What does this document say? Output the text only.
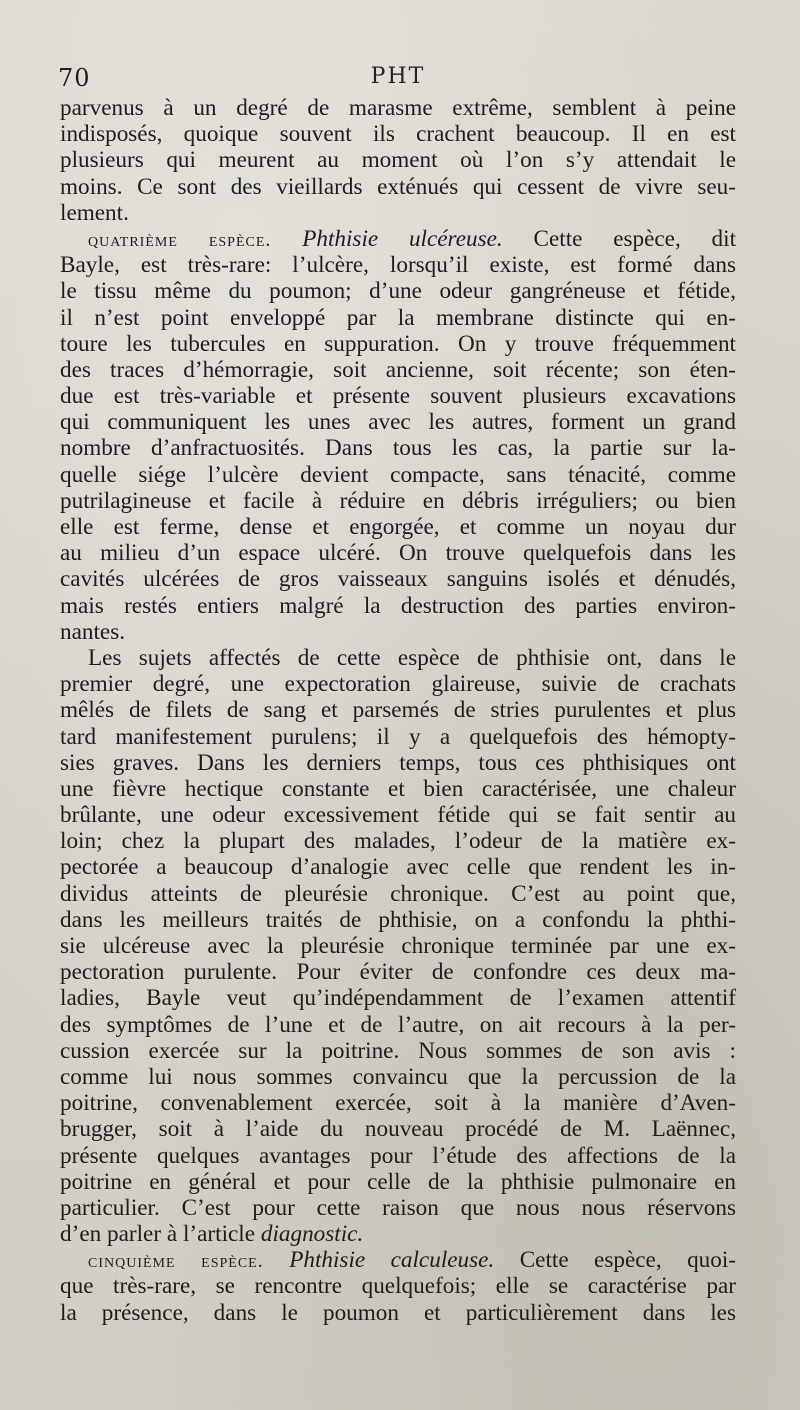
70	PHT
parvenus à un degré de marasme extrême, semblent à peine
indisposés, quoique souvent ils crachent beaucoup. Il en est
plusieurs qui meurent au moment où l’on s’y attendait le
moins. Ce sont des vieillards exténués qui cessent de vivre seu-
lement.
quatrième espèce. Phthisie ulcéreuse. Cette espèce, dit
Bayle, est très-rare: l’ulcère, lorsqu’il existe, est formé dans
le tissu même du poumon; d’une odeur gangréneuse et fétide,
il n’est point enveloppé par la membrane distincte qui en-
toure les tubercules en suppuration. On y trouve fréquemment
des traces d’hémorragie, soit ancienne, soit récente; son éten-
due est très-variable et présente souvent plusieurs excavations
qui communiquent les unes avec les autres, forment un grand
nombre d’anfractuosités. Dans tous les cas, la partie sur la-
quelle siége l’ulcère devient compacte, sans ténacité, comme
putrilagineuse et facile à réduire en débris irréguliers; ou bien
elle est ferme, dense et engorgée, et comme un noyau dur
au milieu d’un espace ulcéré. On trouve quelquefois dans les
cavités ulcérées de gros vaisseaux sanguins isolés et dénudés,
mais restés entiers malgré la destruction des parties environ-
nantes.
Les sujets affectés de cette espèce de phthisie ont, dans le
premier degré, une expectoration glaireuse, suivie de crachats
mêlés de filets de sang et parsemés de stries purulentes et plus
tard manifestement purulens; il y a quelquefois des hémopty-
sies graves. Dans les derniers temps, tous ces phthisiques ont
une fièvre hectique constante et bien caractérisée, une chaleur
brûlante, une odeur excessivement fétide qui se fait sentir au
loin; chez la plupart des malades, l’odeur de la matière ex-
pectorée a beaucoup d’analogie avec celle que rendent les in-
dividus atteints de pleurésie chronique. C’est au point que,
dans les meilleurs traités de phthisie, on a confondu la phthi-
sie ulcéreuse avec la pleurésie chronique terminée par une ex-
pectoration purulente. Pour éviter de confondre ces deux ma-
ladies, Bayle veut qu’indépendamment de l’examen attentif
des symptômes de l’une et de l’autre, on ait recours à la per-
cussion exercée sur la poitrine. Nous sommes de son avis :
comme lui nous sommes convaincu que la percussion de la
poitrine, convenablement exercée, soit à la manière d’Aven-
brugger, soit à l’aide du nouveau procédé de M. Laënnec,
présente quelques avantages pour l’étude des affections de la
poitrine en général et pour celle de la phthisie pulmonaire en
particulier. C’est pour cette raison que nous nous réservons
d’en parler à l’article diagnostic.
cinquième espèce. Phthisie calculeuse. Cette espèce, quoi-
que très-rare, se rencontre quelquefois; elle se caractérise par
la présence, dans le poumon et particulièrement dans les
